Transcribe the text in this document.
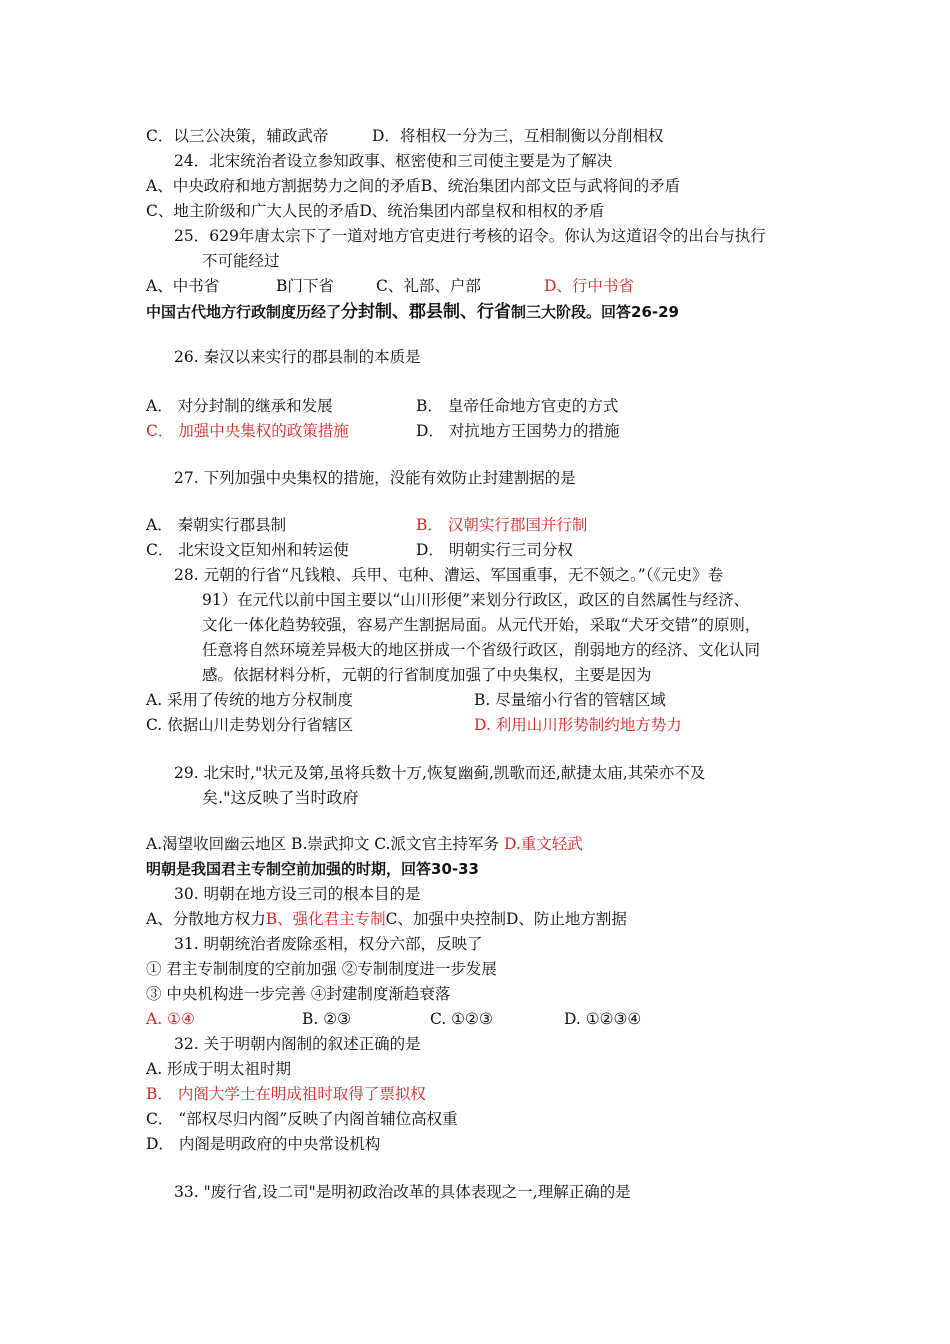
C．以三公决策，辅政武帝	D．将相权一分为三，互相制衡以分削相权
24．北宋统治者设立参知政事、枢密使和三司使主要是为了解决
A、中央政府和地方割据势力之间的矛盾B、统治集团内部文臣与武将间的矛盾
C、地主阶级和广大人民的矛盾D、统治集团内部皇权和相权的矛盾
25．629年唐太宗下了一道对地方官吏进行考核的诏令。你认为这道诏令的出台与执行
不可能经过
A、中书省	B门下省	C、礼部、户部	D、行中书省
中国古代地方行政制度历经了分封制、郡县制、行省制三大阶段。回答26-29
26. 秦汉以来实行的郡县制的本质是
A． 对分封制的继承和发展	B． 皇帝任命地方官吏的方式
C． 加强中央集权的政策措施	D． 对抗地方王国势力的措施
27. 下列加强中央集权的措施，没能有效防止封建割据的是
A． 秦朝实行郡县制	B． 汉朝实行郡国并行制
C． 北宋设文臣知州和转运使	D． 明朝实行三司分权
28. 元朝的行省“凡钱粮、兵甲、屯种、漕运、军国重事，无不领之。”（《元史》卷
91）在元代以前中国主要以“山川形便”来划分行政区，政区的自然属性与经济、
文化一体化趋势较强，容易产生割据局面。从元代开始，采取“犬牙交错”的原则，
任意将自然环境差异极大的地区拼成一个省级行政区，削弱地方的经济、文化认同
感。依据材料分析，元朝的行省制度加强了中央集权，主要是因为
A. 采用了传统的地方分权制度	B. 尽量缩小行省的管辖区域
C. 依据山川走势划分行省辖区	D. 利用山川形势制约地方势力
29. 北宋时,"状元及第,虽将兵数十万,恢复幽蓟,凯歌而还,献捷太庙,其荣亦不及
矣."这反映了当时政府
A.渴望收回幽云地区 B.崇武抑文 C.派文官主持军务 D.重文轻武
明朝是我国君主专制空前加强的时期，回答30-33
30. 明朝在地方设三司的根本目的是
A、分散地方权力B、强化君主专制C、加强中央控制D、防止地方割据
31. 明朝统治者废除丞相，权分六部，反映了
① 君主专制制度的空前加强 ②专制制度进一步发展
③ 中央机构进一步完善 ④封建制度渐趋衰落
A. ①④	B. ②③	C. ①②③	D. ①②③④
32. 关于明朝内阁制的叙述正确的是
A. 形成于明太祖时期
B． 内阁大学士在明成祖时取得了票拟权
C． “部权尽归内阁”反映了内阁首辅位高权重
D． 内阁是明政府的中央常设机构
33. "废行省,设二司"是明初政治改革的具体表现之一,理解正确的是
